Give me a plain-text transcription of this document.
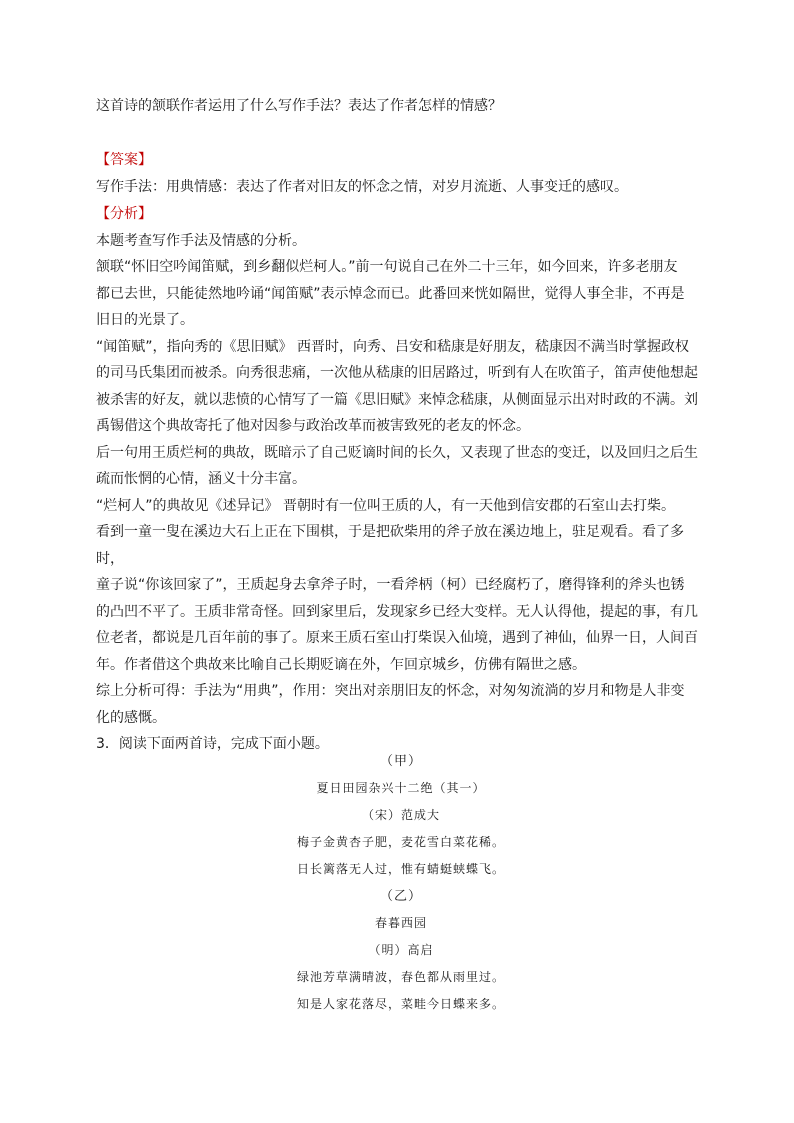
这首诗的颔联作者运用了什么写作手法？表达了作者怎样的情感？
【答案】
写作手法：用典情感：表达了作者对旧友的怀念之情，对岁月流逝、人事变迁的感叹。
【分析】
本题考查写作手法及情感的分析。
颔联“怀旧空吟闻笛赋，到乡翻似烂柯人。”前一句说自己在外二十三年，如今回来，许多老朋友
都已去世，只能徒然地吟诵“闻笛赋”表示悼念而已。此番回来恍如隔世，觉得人事全非，不再是
旧日的光景了。
“闻笛赋”，指向秀的《思旧赋》 西晋时，向秀、吕安和嵇康是好朋友，嵇康因不满当时掌握政权
的司马氏集团而被杀。向秀很悲痛，一次他从嵇康的旧居路过，听到有人在吹笛子，笛声使他想起
被杀害的好友，就以悲愤的心情写了一篇《思旧赋》来悼念嵇康，从侧面显示出对时政的不满。刘
禹锡借这个典故寄托了他对因参与政治改革而被害致死的老友的怀念。
后一句用王质烂柯的典故，既暗示了自己贬谪时间的长久，又表现了世态的变迁，以及回归之后生
疏而怅惘的心情，涵义十分丰富。
“烂柯人”的典故见《述异记》 晋朝时有一位叫王质的人，有一天他到信安郡的石室山去打柴。
看到一童一叟在溪边大石上正在下围棋，于是把砍柴用的斧子放在溪边地上，驻足观看。看了多时，
童子说“你该回家了”，王质起身去拿斧子时，一看斧柄（柯）已经腐朽了，磨得锋利的斧头也锈
的凸凹不平了。王质非常奇怪。回到家里后，发现家乡已经大变样。无人认得他，提起的事，有几
位老者，都说是几百年前的事了。原来王质石室山打柴误入仙境，遇到了神仙，仙界一日，人间百
年。作者借这个典故来比喻自己长期贬谪在外，乍回京城乡，仿佛有隔世之感。
综上分析可得：手法为“用典”，作用：突出对亲朋旧友的怀念，对匆匆流淌的岁月和物是人非变
化的感慨。
3．阅读下面两首诗，完成下面小题。
（甲）
夏日田园杂兴十二绝（其一）
（宋）范成大
梅子金黄杏子肥，麦花雪白菜花稀。
日长篱落无人过，惟有蜻蜓蛱蝶飞。
（乙）
春暮西园
（明）高启
绿池芳草满晴波，春色都从雨里过。
知是人家花落尽，菜畦今日蝶来多。
